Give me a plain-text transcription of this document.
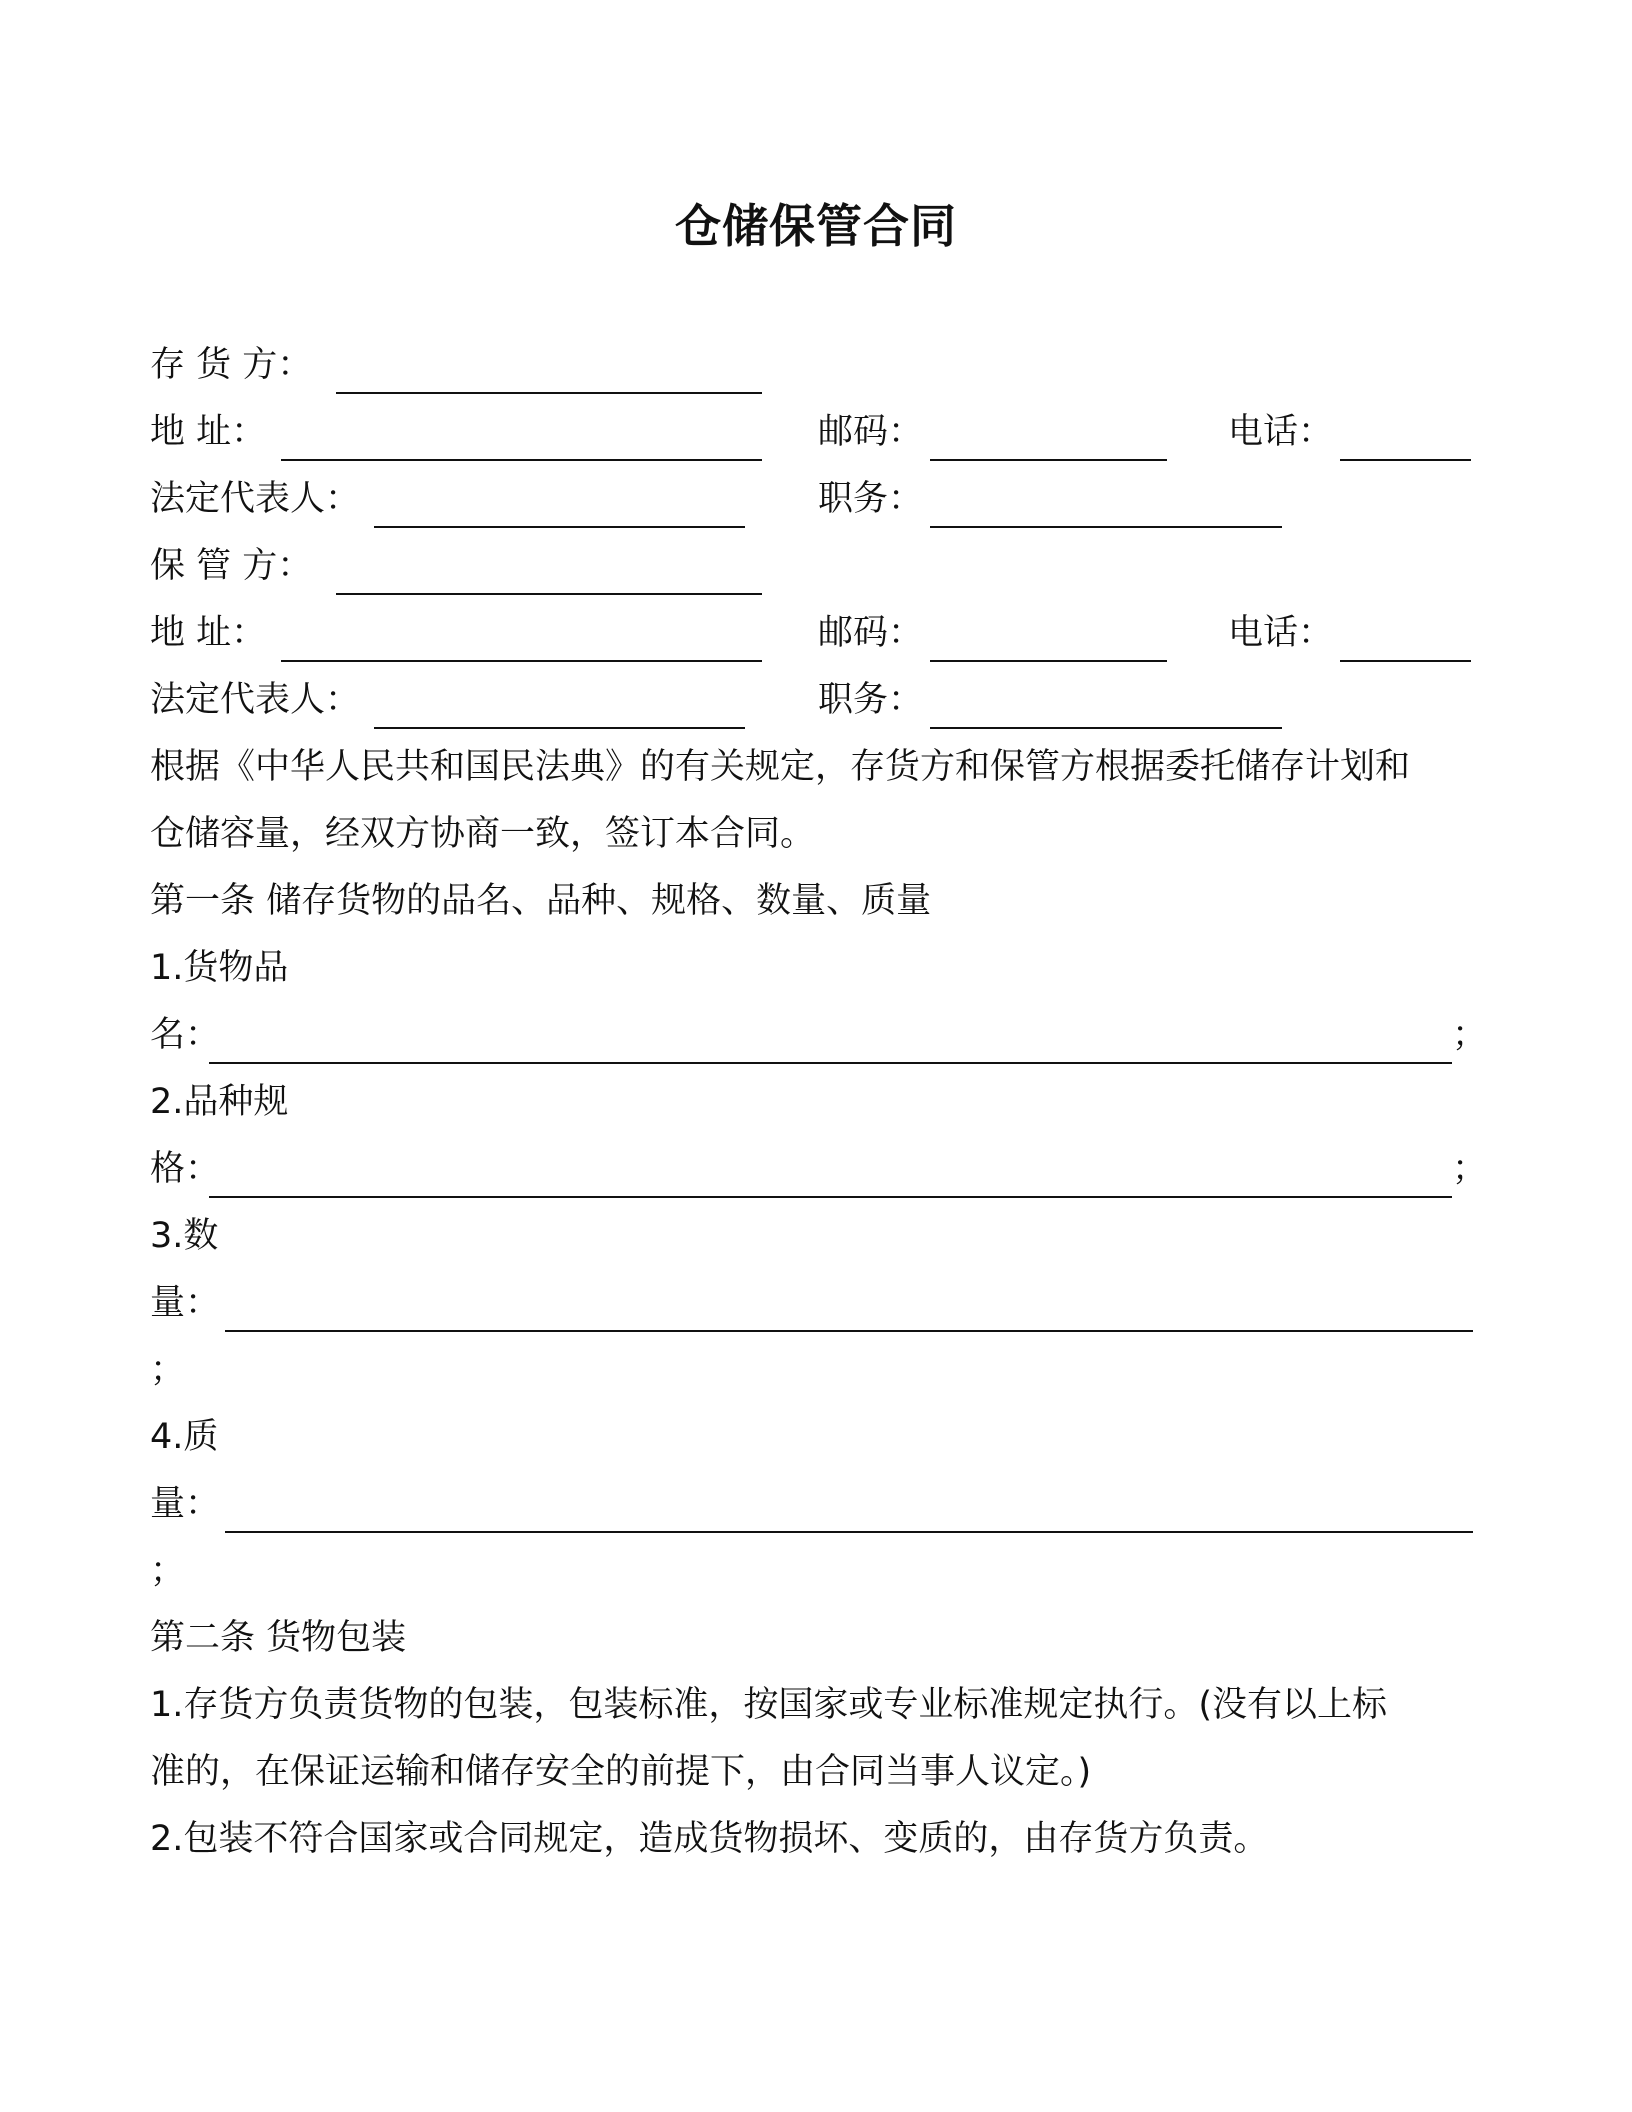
仓储保管合同
存 货 方：
地 址：	邮码：	电话：
法定代表人：	职务：
保 管 方：
地 址：	邮码：	电话：
法定代表人：	职务：
根据《中华人民共和国民法典》的有关规定，存货方和保管方根据委托储存计划和
仓储容量，经双方协商一致，签订本合同。
第一条 储存货物的品名、品种、规格、数量、质量
1.货物品
名：	；
2.品种规
格：	；
3.数
量：
；
4.质
量：
；
第二条 货物包装
1.存货方负责货物的包装，包装标准，按国家或专业标准规定执行。(没有以上标
准的，在保证运输和储存安全的前提下，由合同当事人议定。)
2.包装不符合国家或合同规定，造成货物损坏、变质的，由存货方负责。
